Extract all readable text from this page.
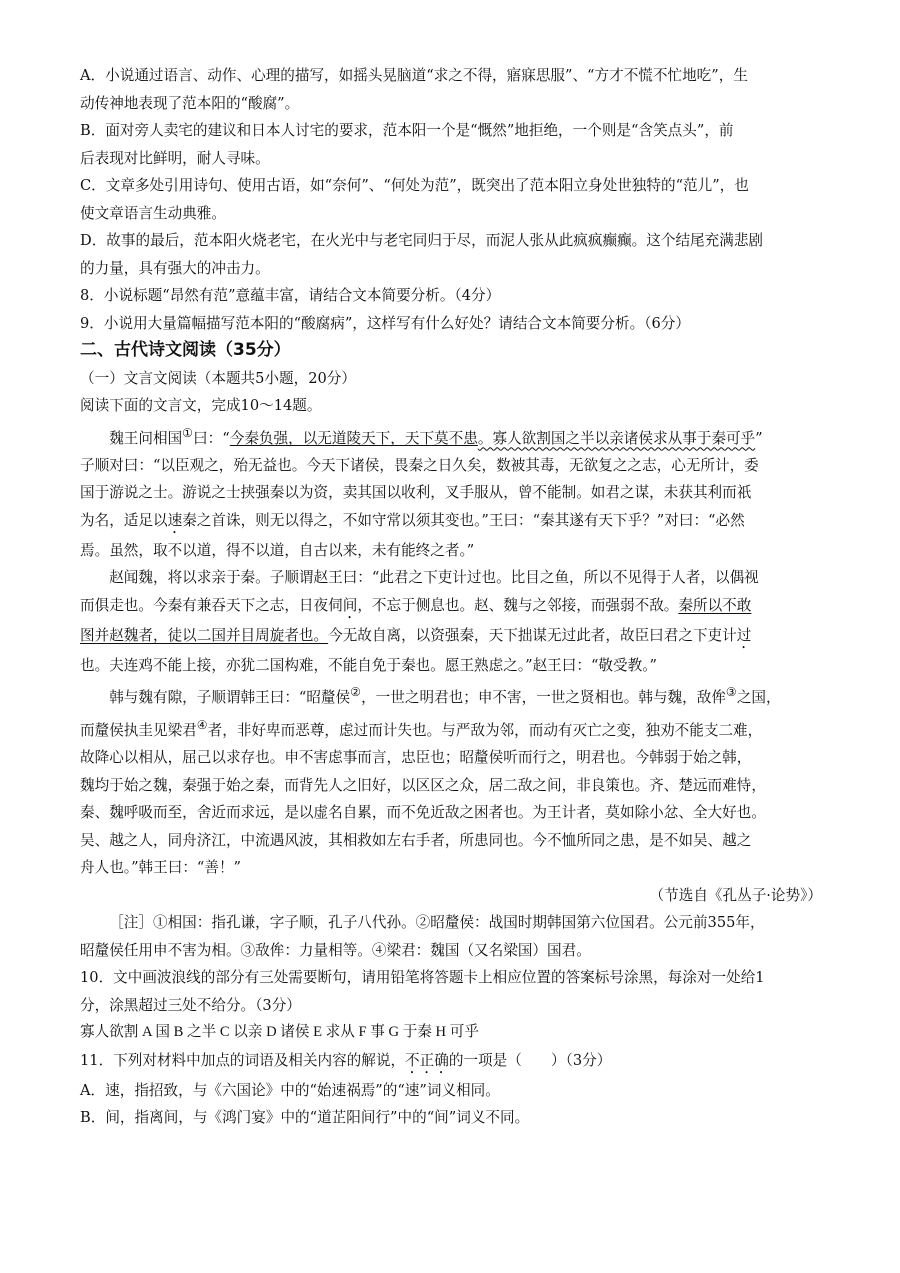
A．小说通过语言、动作、心理的描写，如摇头晃脑道“求之不得，寤寐思服”、“方才不慌不忙地吃”，生

动传神地表现了范本阳的“酸腐”。

B．面对旁人卖宅的建议和日本人讨宅的要求，范本阳一个是“慨然”地拒绝，一个则是“含笑点头”，前

后表现对比鲜明，耐人寻味。

C．文章多处引用诗句、使用古语，如“奈何”、“何处为范”，既突出了范本阳立身处世独特的“范儿”，也

使文章语言生动典雅。

D．故事的最后，范本阳火烧老宅，在火光中与老宅同归于尽，而泥人张从此疯疯癫癫。这个结尾充满悲剧

的力量，具有强大的冲击力。

8．小说标题“昂然有范”意蕴丰富，请结合文本简要分析。（4分）

9．小说用大量篇幅描写范本阳的“酸腐病”，这样写有什么好处？请结合文本简要分析。（6分）

二、古代诗文阅读（35分）

（一）文言文阅读（本题共5小题，20分）

阅读下面的文言文，完成10～14题。

魏王问相国①曰：“今秦负强，以无道陵天下，天下莫不患。寡人欲割国之半以亲诸侯求从事于秦可乎”

子顺对曰：“以臣观之，殆无益也。今天下诸侯，畏秦之日久矣，数被其毒，无欲复之之志，心无所计，委

国于游说之士。游说之士挟强秦以为资，卖其国以收利，叉手服从，曾不能制。如君之谋，未获其利而祇

为名，适足以速秦之首诛，则无以得之，不如守常以须其变也。”王曰：“秦其遂有天下乎？”对曰：“必然

焉。虽然，取不以道，得不以道，自古以来，未有能终之者。”

赵闻魏，将以求亲于秦。子顺谓赵王曰：“此君之下吏计过也。比目之鱼，所以不见得于人者，以偶视

而俱走也。今秦有兼吞天下之志，日夜伺间，不忘于侧息也。赵、魏与之邻接，而强弱不敌。秦所以不敢

图并赵魏者，徒以二国并目周旋者也。今无故自离，以资强秦，天下拙谋无过此者，故臣曰君之下吏计过

也。夫连鸡不能上接，亦犹二国构难，不能自免于秦也。愿王熟虑之。”赵王曰：“敬受教。”

韩与魏有隙，子顺谓韩王曰：“昭釐侯②，一世之明君也；申不害，一世之贤相也。韩与魏，敌侔③之国，

而釐侯执圭见梁君④者，非好卑而恶尊，虑过而计失也。与严敌为邻，而动有灭亡之变，独劝不能支二难，

故降心以相从，屈己以求存也。申不害虑事而言，忠臣也；昭釐侯听而行之，明君也。今韩弱于始之韩，

魏均于始之魏，秦强于始之秦，而背先人之旧好，以区区之众，居二敌之间，非良策也。齐、楚远而难恃，

秦、魏呼吸而至，舍近而求远，是以虚名自累，而不免近敌之困者也。为王计者，莫如除小忿、全大好也。

吴、越之人，同舟济江，中流遇风波，其相救如左右手者，所患同也。今不恤所同之患，是不如吴、越之

舟人也。”韩王曰：“善！”

（节选自《孔丛子·论势》）

［注］①相国：指孔谦，字子顺，孔子八代孙。②昭釐侯：战国时期韩国第六位国君。公元前355年，

昭釐侯任用申不害为相。③敌侔：力量相等。④梁君：魏国（又名梁国）国君。

10．文中画波浪线的部分有三处需要断句，请用铅笔将答题卡上相应位置的答案标号涂黑，每涂对一处给1

分，涂黑超过三处不给分。（3分）

寡人欲割 A 国 B 之半 C 以亲 D 诸侯 E 求从 F 事 G 于秦 H 可乎

11．下列对材料中加点的词语及相关内容的解说，不正确的一项是（　　）（3分）

A．速，指招致，与《六国论》中的“始速祸焉”的“速”词义相同。

B．间，指离间，与《鸿门宴》中的“道芷阳间行”中的“间”词义不同。
